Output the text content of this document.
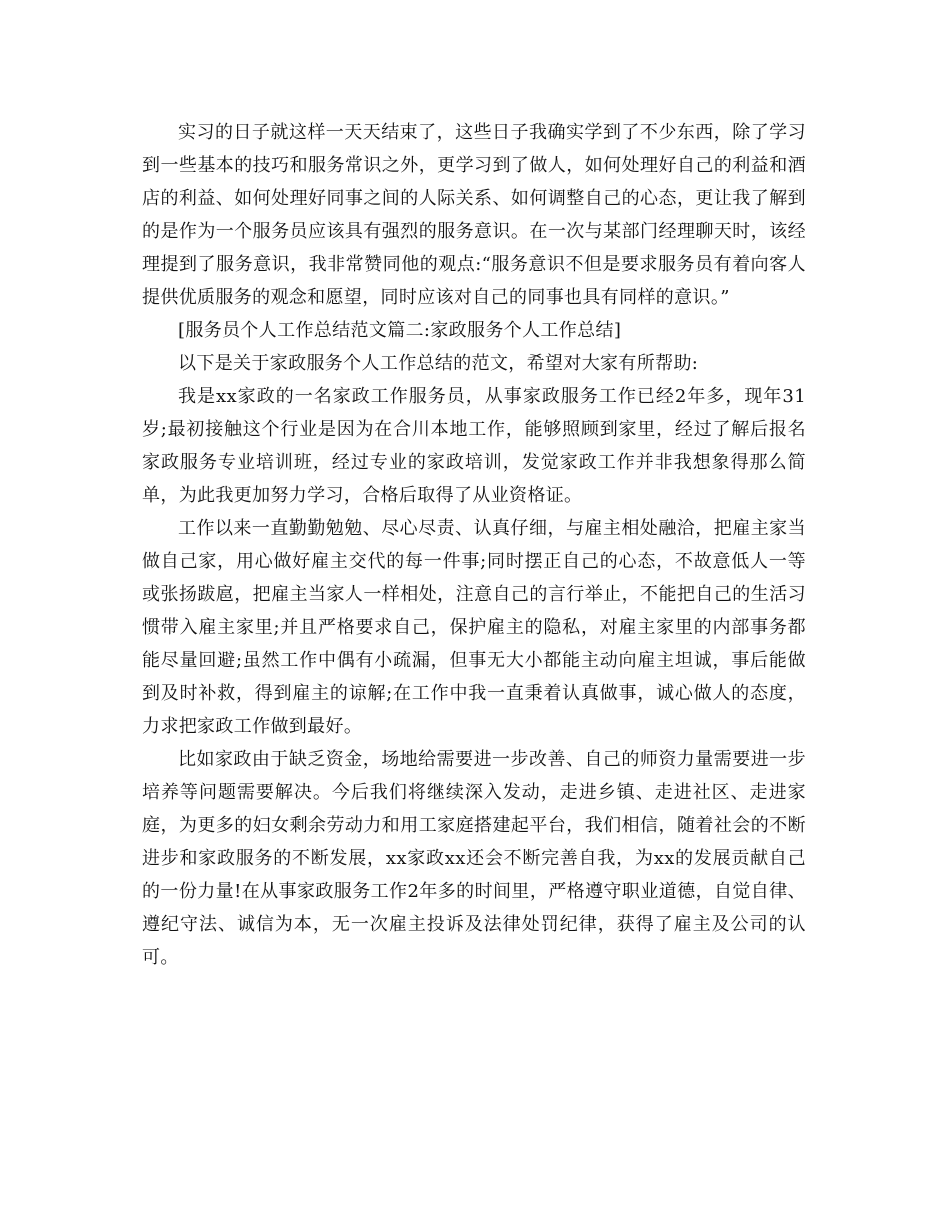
实习的日子就这样一天天结束了，这些日子我确实学到了不少东西，除了学习到一些基本的技巧和服务常识之外，更学习到了做人，如何处理好自己的利益和酒店的利益、如何处理好同事之间的人际关系、如何调整自己的心态，更让我了解到的是作为一个服务员应该具有强烈的服务意识。在一次与某部门经理聊天时，该经理提到了服务意识，我非常赞同他的观点:“服务意识不但是要求服务员有着向客人提供优质服务的观念和愿望，同时应该对自己的同事也具有同样的意识。”

[服务员个人工作总结范文篇二:家政服务个人工作总结]

以下是关于家政服务个人工作总结的范文，希望对大家有所帮助:

我是xx家政的一名家政工作服务员，从事家政服务工作已经2年多，现年31岁;最初接触这个行业是因为在合川本地工作，能够照顾到家里，经过了解后报名家政服务专业培训班，经过专业的家政培训，发觉家政工作并非我想象得那么简单，为此我更加努力学习，合格后取得了从业资格证。

工作以来一直勤勤勉勉、尽心尽责、认真仔细，与雇主相处融洽，把雇主家当做自己家，用心做好雇主交代的每一件事;同时摆正自己的心态，不故意低人一等或张扬跋扈，把雇主当家人一样相处，注意自己的言行举止，不能把自己的生活习惯带入雇主家里;并且严格要求自己，保护雇主的隐私，对雇主家里的内部事务都能尽量回避;虽然工作中偶有小疏漏，但事无大小都能主动向雇主坦诚，事后能做到及时补救，得到雇主的谅解;在工作中我一直秉着认真做事，诚心做人的态度，力求把家政工作做到最好。

比如家政由于缺乏资金，场地给需要进一步改善、自己的师资力量需要进一步培养等问题需要解决。今后我们将继续深入发动，走进乡镇、走进社区、走进家庭，为更多的妇女剩余劳动力和用工家庭搭建起平台，我们相信，随着社会的不断进步和家政服务的不断发展，xx家政xx还会不断完善自我，为xx的发展贡献自己的一份力量!在从事家政服务工作2年多的时间里，严格遵守职业道德，自觉自律、遵纪守法、诚信为本，无一次雇主投诉及法律处罚纪律，获得了雇主及公司的认可。
